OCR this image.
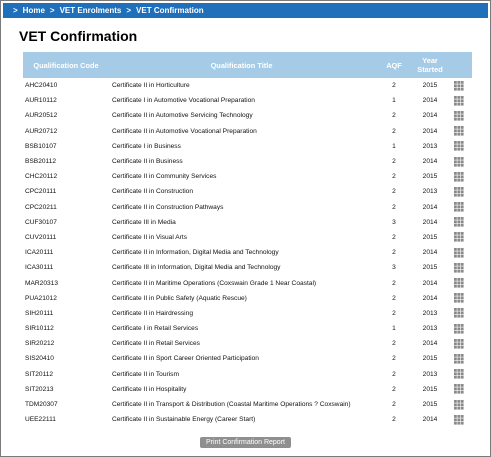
> Home > VET Enrolments > VET Confirmation
VET Confirmation
Qualification Code	Qualification Title	AQF	Year
Started	
AHC20410	Certificate II in Horticulture	2	2015	
AUR10112	Certificate I in Automotive Vocational Preparation	1	2014	
AUR20512	Certificate II in Automotive Servicing Technology	2	2014	
AUR20712	Certificate II in Automotive Vocational Preparation	2	2014	
BSB10107	Certificate I in Business	1	2013	
BSB20112	Certificate II in Business	2	2014	
CHC20112	Certificate II in Community Services	2	2015	
CPC20111	Certificate II in Construction	2	2013	
CPC20211	Certificate II in Construction Pathways	2	2014	
CUF30107	Certificate III in Media	3	2014	
CUV20111	Certificate II in Visual Arts	2	2015	
ICA20111	Certificate II in Information, Digital Media and Technology	2	2014	
ICA30111	Certificate III in Information, Digital Media and Technology	3	2015	
MAR20313	Certificate II in Maritime Operations (Coxswain Grade 1 Near Coastal)	2	2014	
PUA21012	Certificate II in Public Safety (Aquatic Rescue)	2	2014	
SIH20111	Certificate II in Hairdressing	2	2013	
SIR10112	Certificate I in Retail Services	1	2013	
SIR20212	Certificate II in Retail Services	2	2014	
SIS20410	Certificate II in Sport Career Oriented Participation	2	2015	
SIT20112	Certificate II in Tourism	2	2013	
SIT20213	Certificate II in Hospitality	2	2015	
TDM20307	Certificate II in Transport & Distribution (Coastal Maritime Operations ? Coxswain)	2	2015	
UEE22111	Certificate II in Sustainable Energy (Career Start)	2	2014	
Print Confirmation Report
